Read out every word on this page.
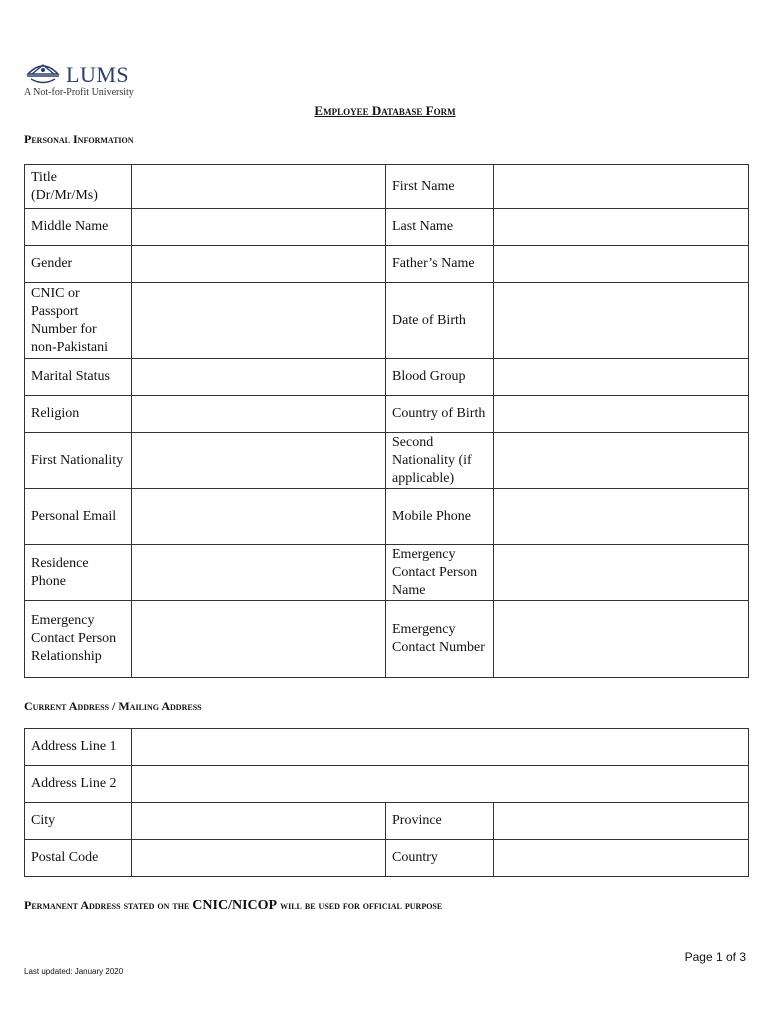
LUMS
A Not-for-Profit University
Employee Database Form
Personal Information
Title (Dr/Mr/Ms)		First Name	
Middle Name		Last Name	
Gender		Father’s Name	
CNIC or Passport Number for non-Pakistani		Date of Birth	
Marital Status		Blood Group	
Religion		Country of Birth	
First Nationality		Second Nationality (if applicable)	
Personal Email		Mobile Phone	
Residence Phone		Emergency Contact Person Name	
Emergency Contact Person Relationship		Emergency Contact Number	
Current Address / Mailing Address
Address Line 1			
Address Line 2			
City		Province	
Postal Code		Country	
Permanent Address stated on the CNIC/NICOP will be used for official purpose
Page 1 of 3
Last updated: January 2020
